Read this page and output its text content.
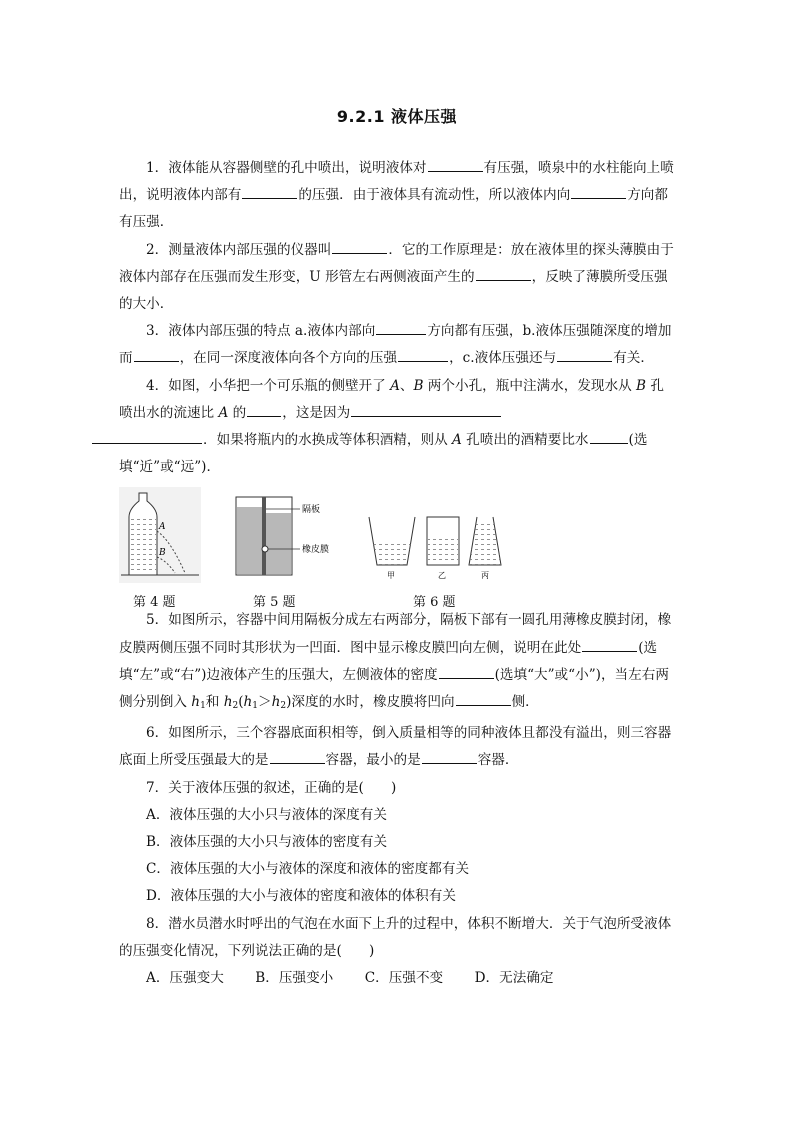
9.2.1 液体压强

1．液体能从容器侧壁的孔中喷出，说明液体对	有压强，喷泉中的水柱能向上喷出，说明液体内部有	的压强．由于液体具有流动性，所以液体内向	方向都有压强．

2．测量液体内部压强的仪器叫	．它的工作原理是：放在液体里的探头薄膜由于液体内部存在压强而发生形变，U 形管左右两侧液面产生的	，反映了薄膜所受压强的大小．

3．液体内部压强的特点 a.液体内部向	方向都有压强，b.液体压强随深度的增加而	，在同一深度液体向各个方向的压强	，c.液体压强还与	有关．

4．如图，小华把一个可乐瓶的侧壁开了 A、B 两个小孔，瓶中注满水，发现水从 B 孔喷出水的流速比 A 的	，这是因为
．如果将瓶内的水换成等体积酒精，则从 A 孔喷出的酒精要比水	(选填“近”或“远”)．

A
B
第 4 题
隔板
橡皮膜
第 5 题
甲	乙	丙
第 6 题

5．如图所示，容器中间用隔板分成左右两部分，隔板下部有一圆孔用薄橡皮膜封闭，橡皮膜两侧压强不同时其形状为一凹面．图中显示橡皮膜凹向左侧，说明在此处	(选填“左”或“右”)边液体产生的压强大，左侧液体的密度	(选填“大”或“小”)，当左右两侧分别倒入 $h_1$和 $h_2(h_1>h_2)$深度的水时，橡皮膜将凹向	侧．

6．如图所示，三个容器底面积相等，倒入质量相等的同种液体且都没有溢出，则三容器底面上所受压强最大的是	容器，最小的是	容器．

7．关于液体压强的叙述，正确的是(　　)

A．液体压强的大小只与液体的深度有关

B．液体压强的大小只与液体的密度有关

C．液体压强的大小与液体的深度和液体的密度都有关

D．液体压强的大小与液体的密度和液体的体积有关

8．潜水员潜水时呼出的气泡在水面下上升的过程中，体积不断增大．关于气泡所受液体的压强变化情况，下列说法正确的是(　　)

A．压强变大　　 B．压强变小　　 C．压强不变　　 D．无法确定
